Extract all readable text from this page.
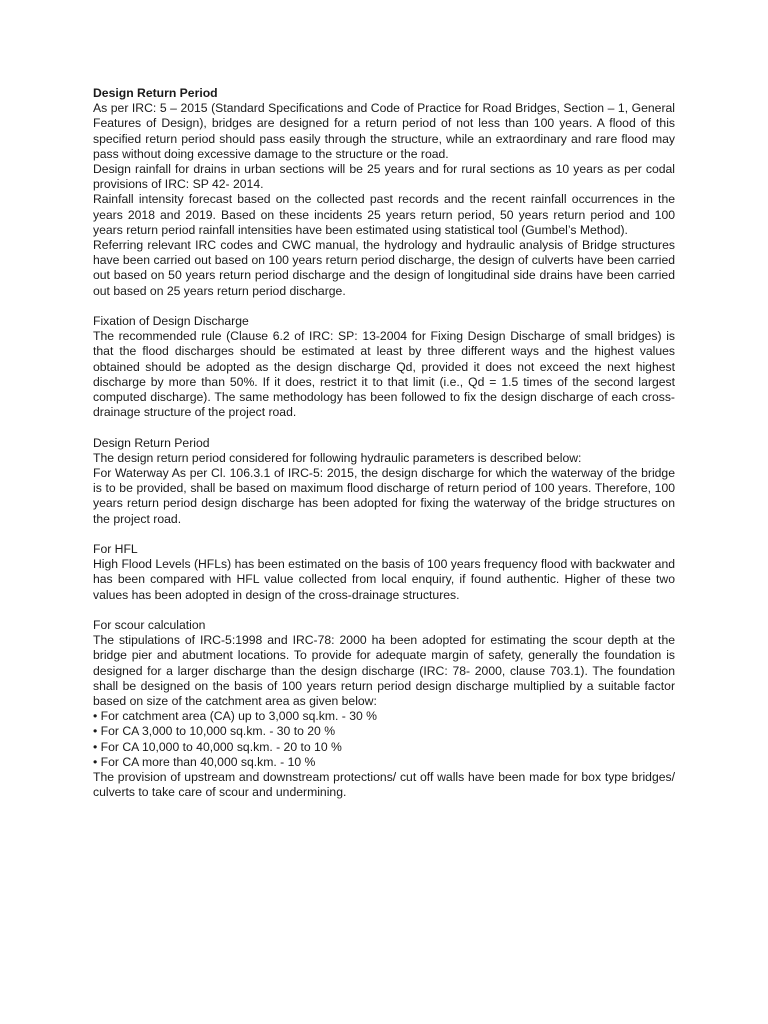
Design Return Period

As per IRC: 5 – 2015 (Standard Specifications and Code of Practice for Road Bridges, Section – 1, General Features of Design), bridges are designed for a return period of not less than 100 years. A flood of this specified return period should pass easily through the structure, while an extraordinary and rare flood may pass without doing excessive damage to the structure or the road.

Design rainfall for drains in urban sections will be 25 years and for rural sections as 10 years as per codal provisions of IRC: SP 42- 2014.

Rainfall intensity forecast based on the collected past records and the recent rainfall occurrences in the years 2018 and 2019. Based on these incidents 25 years return period, 50 years return period and 100 years return period rainfall intensities have been estimated using statistical tool (Gumbel’s Method).

Referring relevant IRC codes and CWC manual, the hydrology and hydraulic analysis of Bridge structures have been carried out based on 100 years return period discharge, the design of culverts have been carried out based on 50 years return period discharge and the design of longitudinal side drains have been carried out based on 25 years return period discharge.

Fixation of Design Discharge

The recommended rule (Clause 6.2 of IRC: SP: 13-2004 for Fixing Design Discharge of small bridges) is that the flood discharges should be estimated at least by three different ways and the highest values obtained should be adopted as the design discharge Qd, provided it does not exceed the next highest discharge by more than 50%. If it does, restrict it to that limit (i.e., Qd = 1.5 times of the second largest computed discharge). The same methodology has been followed to fix the design discharge of each cross-drainage structure of the project road.

Design Return Period

The design return period considered for following hydraulic parameters is described below:

For Waterway As per Cl. 106.3.1 of IRC-5: 2015, the design discharge for which the waterway of the bridge is to be provided, shall be based on maximum flood discharge of return period of 100 years. Therefore, 100 years return period design discharge has been adopted for fixing the waterway of the bridge structures on the project road.

For HFL

High Flood Levels (HFLs) has been estimated on the basis of 100 years frequency flood with backwater and has been compared with HFL value collected from local enquiry, if found authentic. Higher of these two values has been adopted in design of the cross-drainage structures.

For scour calculation

The stipulations of IRC-5:1998 and IRC-78: 2000 ha been adopted for estimating the scour depth at the bridge pier and abutment locations. To provide for adequate margin of safety, generally the foundation is designed for a larger discharge than the design discharge (IRC: 78- 2000, clause 703.1). The foundation shall be designed on the basis of 100 years return period design discharge multiplied by a suitable factor based on size of the catchment area as given below:

• For catchment area (CA) up to 3,000 sq.km. - 30 %
• For CA 3,000 to 10,000 sq.km. - 30 to 20 %
• For CA 10,000 to 40,000 sq.km. - 20 to 10 %
• For CA more than 40,000 sq.km. - 10 %

The provision of upstream and downstream protections/ cut off walls have been made for box type bridges/ culverts to take care of scour and undermining.
